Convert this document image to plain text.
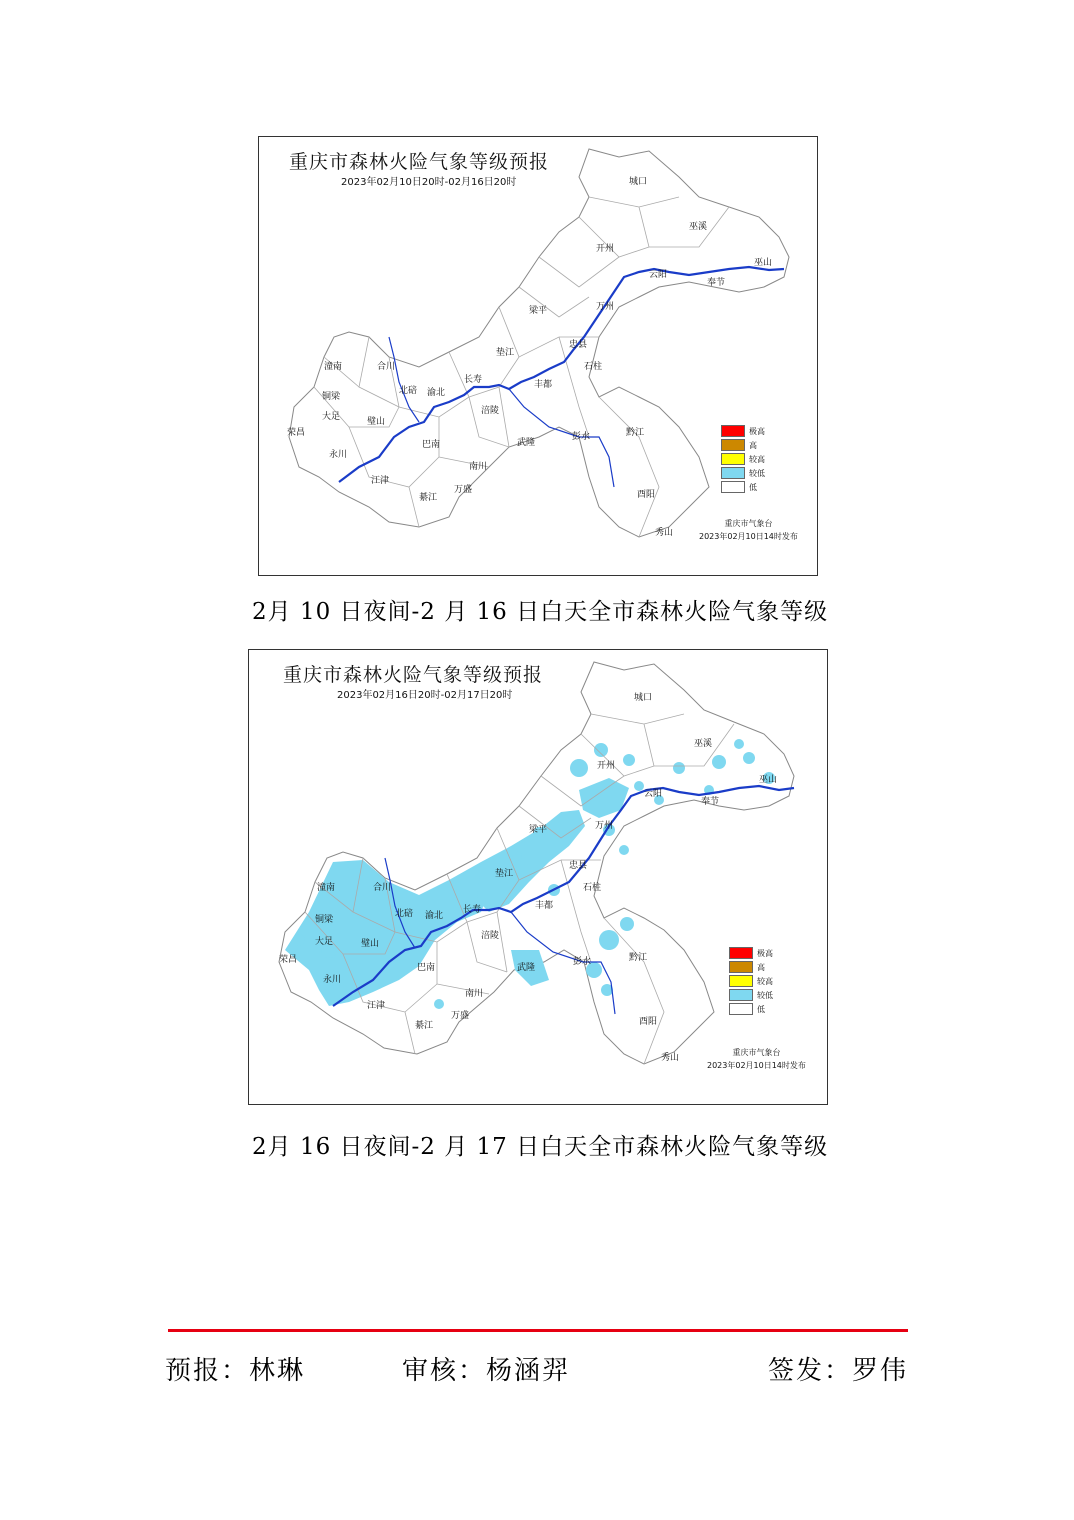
城口
巫溪
开州
云阳
奉节
巫山
万州
梁平
忠县
垫江
石柱
长寿	丰都
潼南	合川
北碚 渝北
铜梁
大足	璧山
荣昌
永川
涪陵
巴南	武隆
彭水	黔江
南川
江津
綦江
万盛	酉阳
秀山
重庆市森林火险气象等级预报
2023年02月10日20时-02月16日20时
极高
高
较高
较低
低
重庆市气象台
2023年02月10日14时发布
2月 10 日夜间-2 月 16 日白天全市森林火险气象等级
城口
巫溪
开州
云阳
奉节
巫山
万州
梁平
忠县
垫江
石柱
长寿	丰都
潼南	合川
北碚 渝北
铜梁
大足	璧山
荣昌
永川
涪陵
巴南	武隆
彭水	黔江
南川
江津
綦江
万盛
酉阳
秀山
重庆市森林火险气象等级预报
2023年02月16日20时-02月17日20时
极高
高
较高
较低
低
重庆市气象台
2023年02月10日14时发布
2月 16 日夜间-2 月 17 日白天全市森林火险气象等级
预报：林琳	审核：杨涵羿	签发：罗伟
